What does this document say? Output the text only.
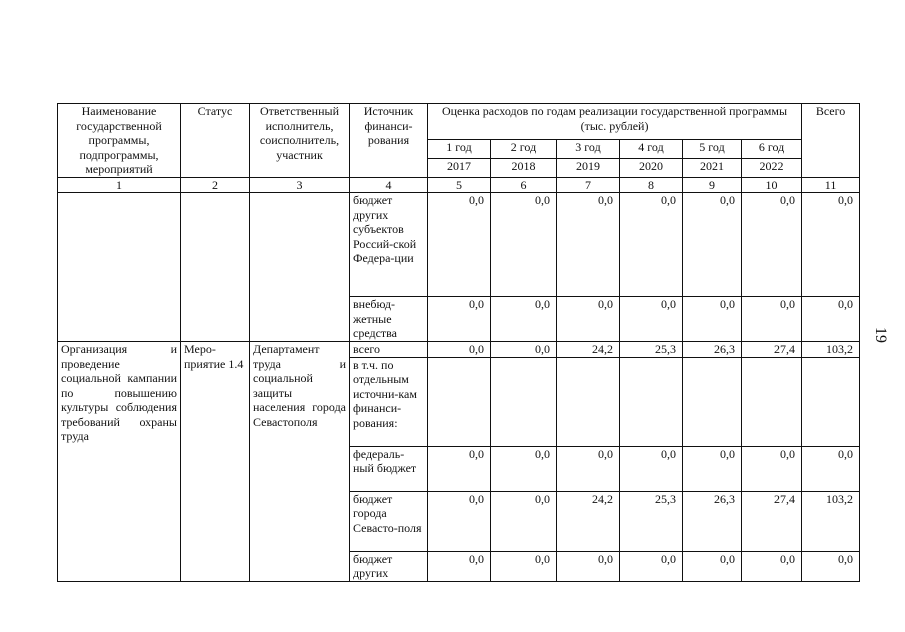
Наименование государственной программы, подпрограммы, мероприятий	Статус	Ответственный исполнитель, соисполнитель, участник	Источник финанси-рования	Оценка расходов по годам реализации государственной программы (тыс. рублей)						Всего
				1 год	2 год	3 год	4 год	5 год	6 год	
				2017	2018	2019	2020	2021	2022	
1	2	3	4	5	6	7	8	9	10	11
			бюджет других субъектов Россий-ской Федера-ции	0,0	0,0	0,0	0,0	0,0	0,0	0,0
			внебюд-жетные средства	0,0	0,0	0,0	0,0	0,0	0,0	0,0
Организация и проведение социальной кампании по повышению культуры соблюдения требований охраны труда	Меро-приятие 1.4	Департамент труда и социальной защиты населения города Севастополя	всего	0,0	0,0	24,2	25,3	26,3	27,4	103,2
			в т.ч. по отдельным источни-кам финанси-рования:							
			федераль-ный бюджет	0,0	0,0	0,0	0,0	0,0	0,0	0,0
			бюджет города Севасто-поля	0,0	0,0	24,2	25,3	26,3	27,4	103,2
			бюджет других	0,0	0,0	0,0	0,0	0,0	0,0	0,0
19
